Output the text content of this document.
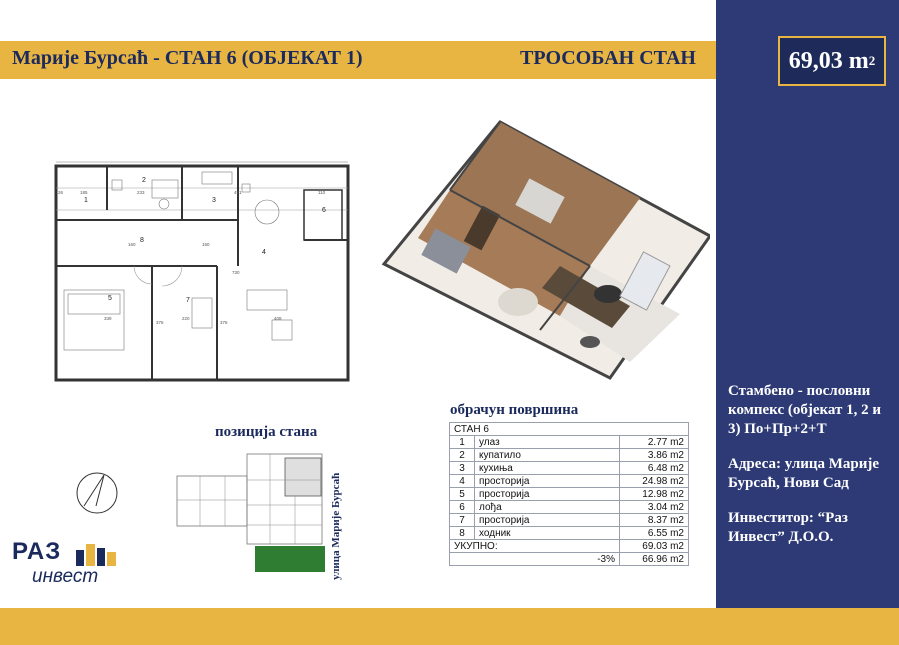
Марије Бурсаћ - СТАН 6 (ОБЈЕКАТ 1)	ТРОСОБАН СТАН	69,03 m 2
1
2
3
4
5
6
7
8
26	185	233	451	110
160	160
730
339	220	408
376	376
позиција стана
улица Марије Бурсаћ
обрачун површина
СТАН 6		
1	улаз	2.77 m2
2	купатило	3.86 m2
3	кухиња	6.48 m2
4	просторија	24.98 m2
5	просторија	12.98 m2
6	лођа	3.04 m2
7	просторија	8.37 m2
8	ходник	6.55 m2
УКУПНО:		69.03 m2
-3%		66.96 m2

Стамбено - пословни компекс (објекат 1, 2 и 3) По+Пр+2+Т

Адреса: улица Марије Бурсаћ, Нови Сад

Инвеститор: “Раз Инвест” Д.О.О.

РАЗ
инвест
